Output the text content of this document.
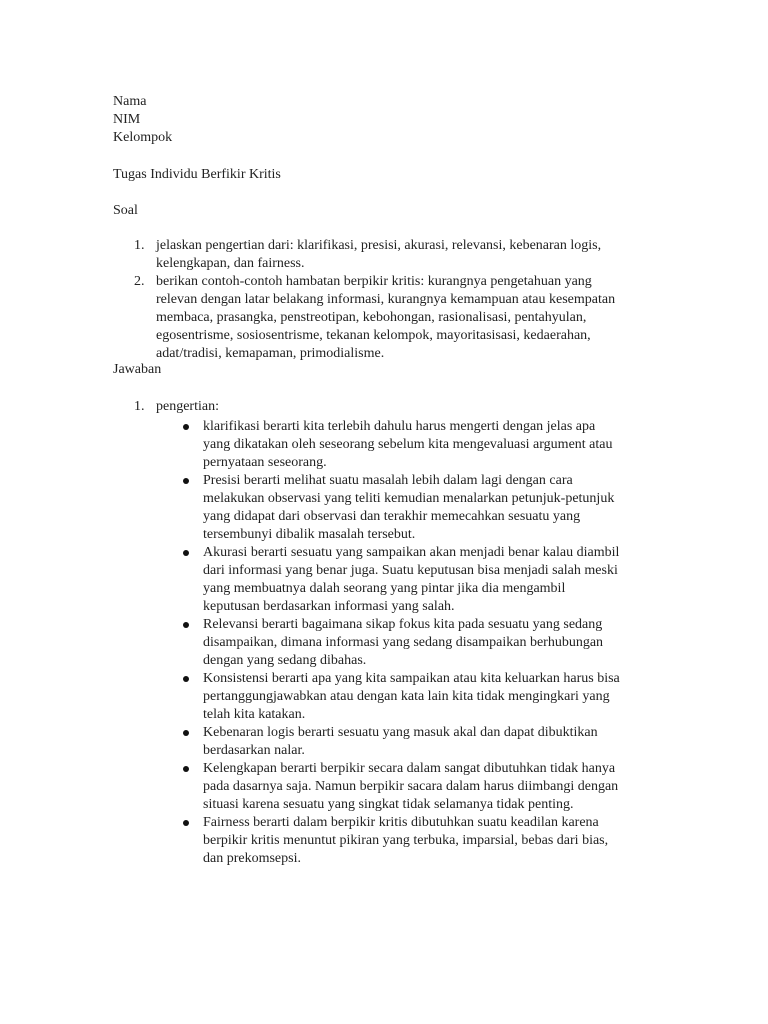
Nama

NIM

Kelompok

Tugas Individu Berfikir Kritis

Soal

1. jelaskan pengertian dari: klarifikasi, presisi, akurasi, relevansi, kebenaran logis,

kelengkapan, dan fairness.

2. berikan contoh-contoh hambatan berpikir kritis: kurangnya pengetahuan yang

relevan dengan latar belakang informasi, kurangnya kemampuan atau kesempatan

membaca, prasangka, penstreotipan, kebohongan, rasionalisasi, pentahyulan,

egosentrisme, sosiosentrisme, tekanan kelompok, mayoritasisasi, kedaerahan,

adat/tradisi, kemapaman, primodialisme.

Jawaban

1. pengertian:

klarifikasi berarti kita terlebih dahulu harus mengerti dengan jelas apa

yang dikatakan oleh seseorang sebelum kita mengevaluasi argument atau

pernyataan seseorang.

Presisi berarti melihat suatu masalah lebih dalam lagi dengan cara

melakukan observasi yang teliti kemudian menalarkan petunjuk-petunjuk

yang didapat dari observasi dan terakhir memecahkan sesuatu yang

tersembunyi dibalik masalah tersebut.

Akurasi berarti sesuatu yang sampaikan akan menjadi benar kalau diambil

dari informasi yang benar juga. Suatu keputusan bisa menjadi salah meski

yang membuatnya dalah seorang yang pintar jika dia mengambil

keputusan berdasarkan informasi yang salah.

Relevansi berarti bagaimana sikap fokus kita pada sesuatu yang sedang

disampaikan, dimana informasi yang sedang disampaikan berhubungan

dengan yang sedang dibahas.

Konsistensi berarti apa yang kita sampaikan atau kita keluarkan harus bisa

pertanggungjawabkan atau dengan kata lain kita tidak mengingkari yang

telah kita katakan.

Kebenaran logis berarti sesuatu yang masuk akal dan dapat dibuktikan

berdasarkan nalar.

Kelengkapan berarti berpikir secara dalam sangat dibutuhkan tidak hanya

pada dasarnya saja. Namun berpikir sacara dalam harus diimbangi dengan

situasi karena sesuatu yang singkat tidak selamanya tidak penting.

Fairness berarti dalam berpikir kritis dibutuhkan suatu keadilan karena

berpikir kritis menuntut pikiran yang terbuka, imparsial, bebas dari bias,

dan prekomsepsi.
